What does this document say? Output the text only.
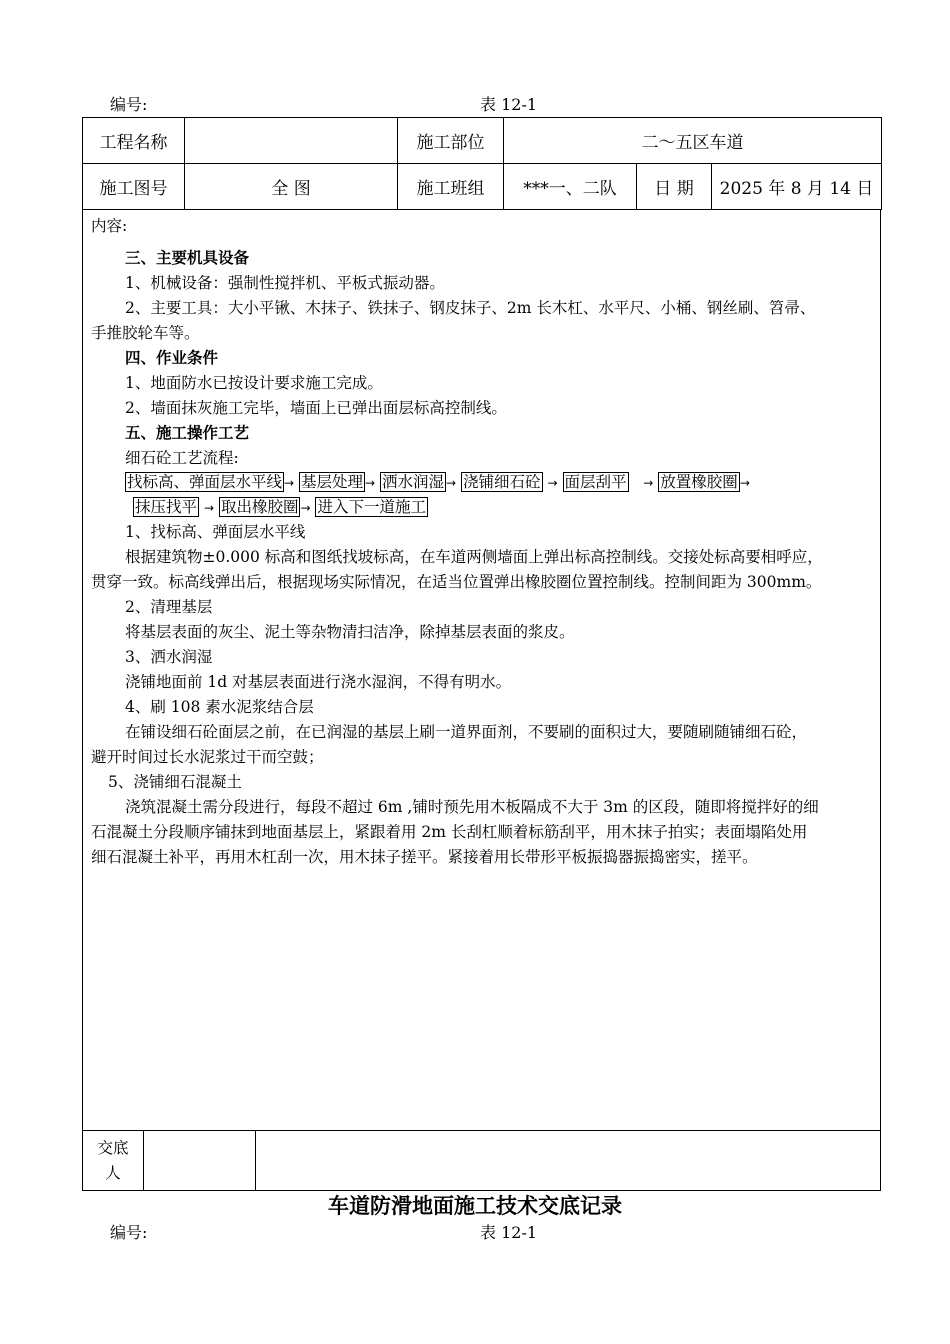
编号:	表 12-1
工程名称		施工部位	二～五区车道		
施工图号	全 图	施工班组	***一、二队	日 期	2025 年 8 月 14 日
内容:
三、主要机具设备
1、机械设备：强制性搅拌机、平板式振动器。
2、主要工具：大小平锹、木抹子、铁抹子、钢皮抹子、2m 长木杠、水平尺、小桶、钢丝刷、笤帚、
手推胶轮车等。
四、作业条件
1、地面防水已按设计要求施工完成。
2、墙面抹灰施工完毕，墙面上已弹出面层标高控制线。
五、施工操作工艺
细石砼工艺流程:
找标高、弹面层水平线 → 基层处理 → 洒水润湿 → 浇铺细石砼 → 面层刮平 → 放置橡胶圈 →
抹压找平 → 取出橡胶圈 → 进入下一道施工
1、找标高、弹面层水平线
根据建筑物±0.000 标高和图纸找坡标高，在车道两侧墙面上弹出标高控制线。交接处标高要相呼应，
贯穿一致。标高线弹出后，根据现场实际情况，在适当位置弹出橡胶圈位置控制线。控制间距为 300mm。
2、清理基层
将基层表面的灰尘、泥土等杂物清扫洁净，除掉基层表面的浆皮。
3、洒水润湿
浇铺地面前 1d 对基层表面进行浇水湿润，不得有明水。
4、刷 108 素水泥浆结合层
在铺设细石砼面层之前，在已润湿的基层上刷一道界面剂，不要刷的面积过大，要随刷随铺细石砼，
避开时间过长水泥浆过干而空鼓；
5、浇铺细石混凝土
浇筑混凝土需分段进行，每段不超过 6m ,铺时预先用木板隔成不大于 3m 的区段，随即将搅拌好的细
石混凝土分段顺序铺抹到地面基层上，紧跟着用 2m 长刮杠顺着标筋刮平，用木抹子拍实；表面塌陷处用
细石混凝土补平，再用木杠刮一次，用木抹子搓平。紧接着用长带形平板振捣器振捣密实，搓平。
交底
人

车道防滑地面施工技术交底记录
编号:	表 12-1
